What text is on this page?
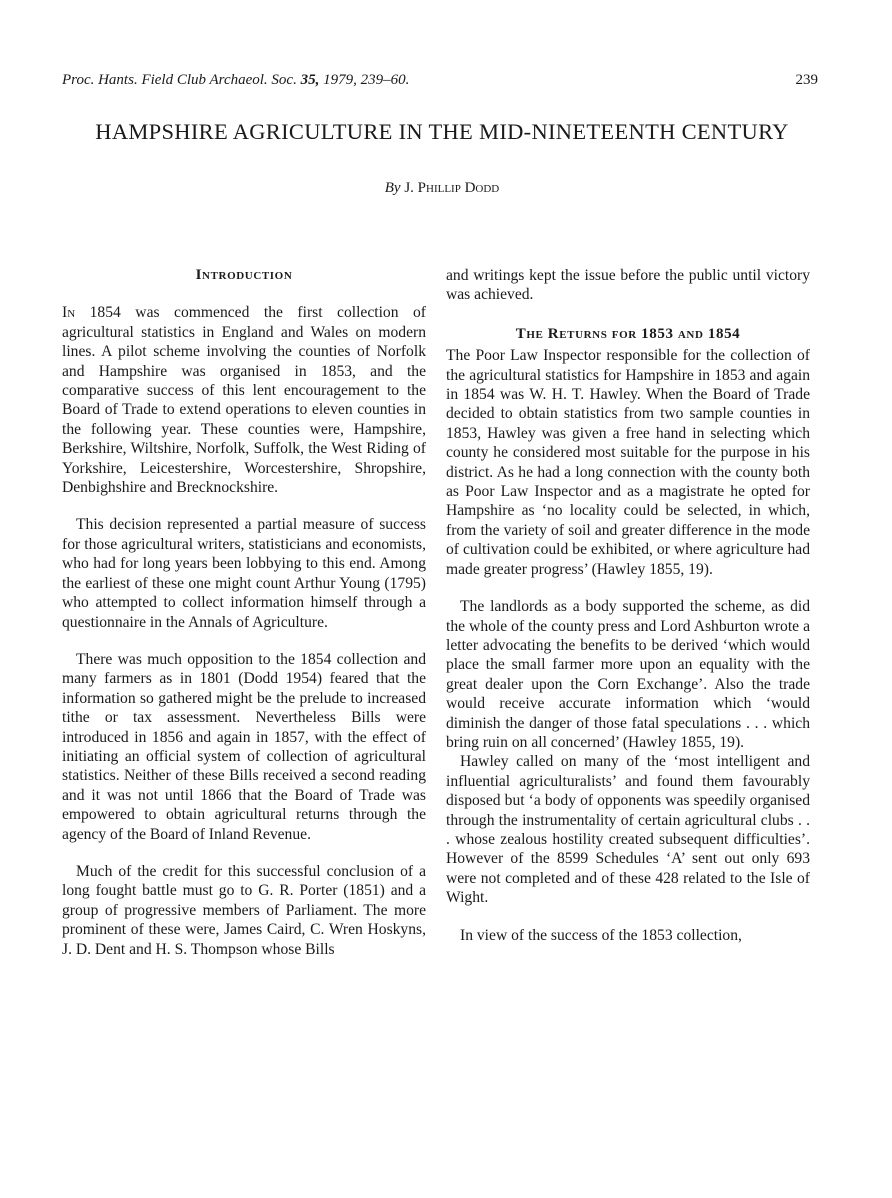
Proc. Hants. Field Club Archaeol. Soc. 35, 1979, 239–60.	239
HAMPSHIRE AGRICULTURE IN THE MID-NINETEENTH CENTURY
By J. Phillip Dodd
Introduction

In 1854 was commenced the first collection of agricultural statistics in England and Wales on modern lines. A pilot scheme involving the counties of Norfolk and Hampshire was organised in 1853, and the comparative success of this lent encouragement to the Board of Trade to extend operations to eleven counties in the following year. These counties were, Hampshire, Berkshire, Wiltshire, Norfolk, Suffolk, the West Riding of Yorkshire, Leicestershire, Worcestershire, Shropshire, Denbighshire and Brecknockshire.

This decision represented a partial measure of success for those agricultural writers, statisticians and economists, who had for long years been lobbying to this end. Among the earliest of these one might count Arthur Young (1795) who attempted to collect information himself through a questionnaire in the Annals of Agriculture.

There was much opposition to the 1854 collection and many farmers as in 1801 (Dodd 1954) feared that the information so gathered might be the prelude to increased tithe or tax assessment. Nevertheless Bills were introduced in 1856 and again in 1857, with the effect of initiating an official system of collection of agricultural statistics. Neither of these Bills received a second reading and it was not until 1866 that the Board of Trade was empowered to obtain agricultural returns through the agency of the Board of Inland Revenue.

Much of the credit for this successful conclusion of a long fought battle must go to G. R. Porter (1851) and a group of progressive members of Parliament. The more prominent of these were, James Caird, C. Wren Hoskyns, J. D. Dent and H. S. Thompson whose Bills

and writings kept the issue before the public until victory was achieved.

The Returns for 1853 and 1854

The Poor Law Inspector responsible for the collection of the agricultural statistics for Hampshire in 1853 and again in 1854 was W. H. T. Hawley. When the Board of Trade decided to obtain statistics from two sample counties in 1853, Hawley was given a free hand in selecting which county he considered most suitable for the purpose in his district. As he had a long connection with the county both as Poor Law Inspector and as a magistrate he opted for Hampshire as ‘no locality could be selected, in which, from the variety of soil and greater difference in the mode of cultivation could be exhibited, or where agriculture had made greater progress’ (Hawley 1855, 19).

The landlords as a body supported the scheme, as did the whole of the county press and Lord Ashburton wrote a letter advocating the benefits to be derived ‘which would place the small farmer more upon an equality with the great dealer upon the Corn Exchange’. Also the trade would receive accurate information which ‘would diminish the danger of those fatal speculations . . . which bring ruin on all concerned’ (Hawley 1855, 19).

Hawley called on many of the ‘most intelligent and influential agriculturalists’ and found them favourably disposed but ‘a body of opponents was speedily organised through the instrumentality of certain agricultural clubs . . . whose zealous hostility created subsequent difficulties’. However of the 8599 Schedules ‘A’ sent out only 693 were not completed and of these 428 related to the Isle of Wight.

In view of the success of the 1853 collection,
